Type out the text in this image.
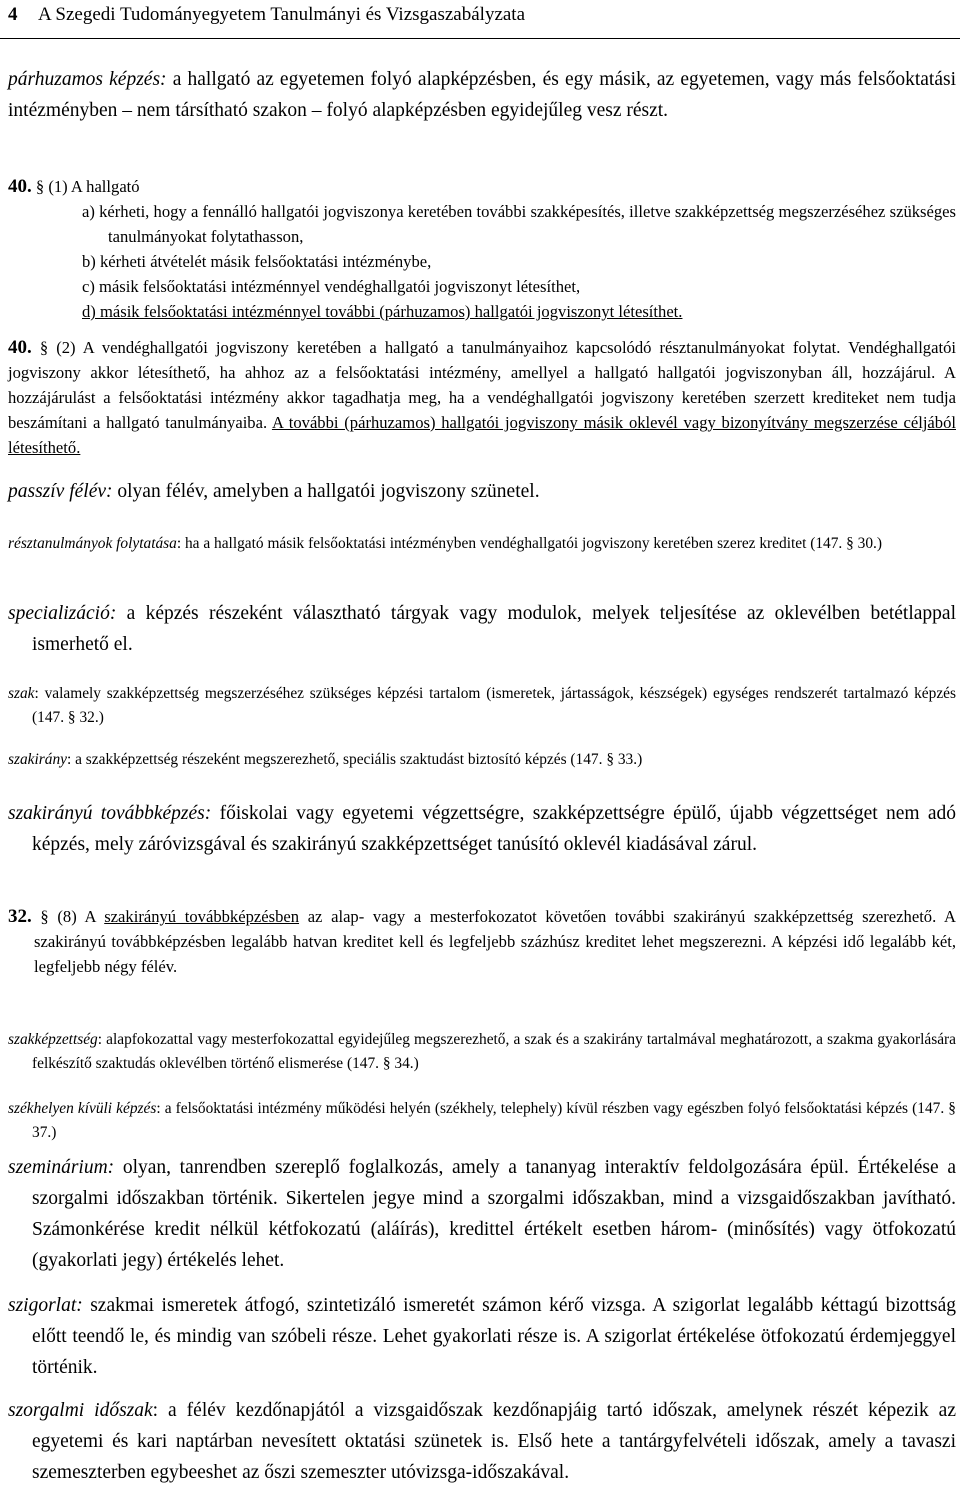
4 A Szegedi Tudományegyetem Tanulmányi és Vizsgaszabályzata

párhuzamos képzés: a hallgató az egyetemen folyó alapképzésben, és egy másik, az egyetemen, vagy más felsőoktatási intézményben – nem társítható szakon – folyó alapképzésben egyidejűleg vesz részt.

40. § (1) A hallgató

a) kérheti, hogy a fennálló hallgatói jogviszonya keretében további szakképesítés, illetve szakképzettség megszerzéséhez szükséges tanulmányokat folytathasson,

b) kérheti átvételét másik felsőoktatási intézménybe,

c) másik felsőoktatási intézménnyel vendéghallgatói jogviszonyt létesíthet,

d) másik felsőoktatási intézménnyel további (párhuzamos) hallgatói jogviszonyt létesíthet.

40. § (2) A vendéghallgatói jogviszony keretében a hallgató a tanulmányaihoz kapcsolódó résztanulmányokat folytat. Vendéghallgatói jogviszony akkor létesíthető, ha ahhoz az a felsőoktatási intézmény, amellyel a hallgató hallgatói jogviszonyban áll, hozzájárul. A hozzájárulást a felsőoktatási intézmény akkor tagadhatja meg, ha a vendéghallgatói jogviszony keretében szerzett krediteket nem tudja beszámítani a hallgató tanulmányaiba. A további (párhuzamos) hallgatói jogviszony másik oklevél vagy bizonyítvány megszerzése céljából létesíthető.

passzív félév: olyan félév, amelyben a hallgatói jogviszony szünetel.

résztanulmányok folytatása: ha a hallgató másik felsőoktatási intézményben vendéghallgatói jogviszony keretében szerez kreditet (147. § 30.)

specializáció: a képzés részeként választható tárgyak vagy modulok, melyek teljesítése az oklevélben betétlappal ismerhető el.

szak: valamely szakképzettség megszerzéséhez szükséges képzési tartalom (ismeretek, jártasságok, készségek) egységes rendszerét tartalmazó képzés (147. § 32.)

szakirány: a szakképzettség részeként megszerezhető, speciális szaktudást biztosító képzés (147. § 33.)

szakirányú továbbképzés: főiskolai vagy egyetemi végzettségre, szakképzettségre épülő, újabb végzettséget nem adó képzés, mely záróvizsgával és szakirányú szakképzettséget tanúsító oklevél kiadásával zárul.

32. § (8) A szakirányú továbbképzésben az alap- vagy a mesterfokozatot követően további szakirányú szakképzettség szerezhető. A szakirányú továbbképzésben legalább hatvan kreditet kell és legfeljebb százhúsz kreditet lehet megszerezni. A képzési idő legalább két, legfeljebb négy félév.

szakképzettség: alapfokozattal vagy mesterfokozattal egyidejűleg megszerezhető, a szak és a szakirány tartalmával meghatározott, a szakma gyakorlására felkészítő szaktudás oklevélben történő elismerése (147. § 34.)

székhelyen kívüli képzés: a felsőoktatási intézmény működési helyén (székhely, telephely) kívül részben vagy egészben folyó felsőoktatási képzés (147. § 37.)

szeminárium: olyan, tanrendben szereplő foglalkozás, amely a tananyag interaktív feldolgozására épül. Értékelése a szorgalmi időszakban történik. Sikertelen jegye mind a szorgalmi időszakban, mind a vizsgaidőszakban javítható. Számonkérése kredit nélkül kétfokozatú (aláírás), kredittel értékelt esetben három- (minősítés) vagy ötfokozatú (gyakorlati jegy) értékelés lehet.

szigorlat: szakmai ismeretek átfogó, szintetizáló ismeretét számon kérő vizsga. A szigorlat legalább kéttagú bizottság előtt teendő le, és mindig van szóbeli része. Lehet gyakorlati része is. A szigorlat értékelése ötfokozatú érdemjeggyel történik.

szorgalmi időszak: a félév kezdőnapjától a vizsgaidőszak kezdőnapjáig tartó időszak, amelynek részét képezik az egyetemi és kari naptárban nevesített oktatási szünetek is. Első hete a tantárgyfelvételi időszak, amely a tavaszi szemeszterben egybeeshet az őszi szemeszter utóvizsga-időszakával.
